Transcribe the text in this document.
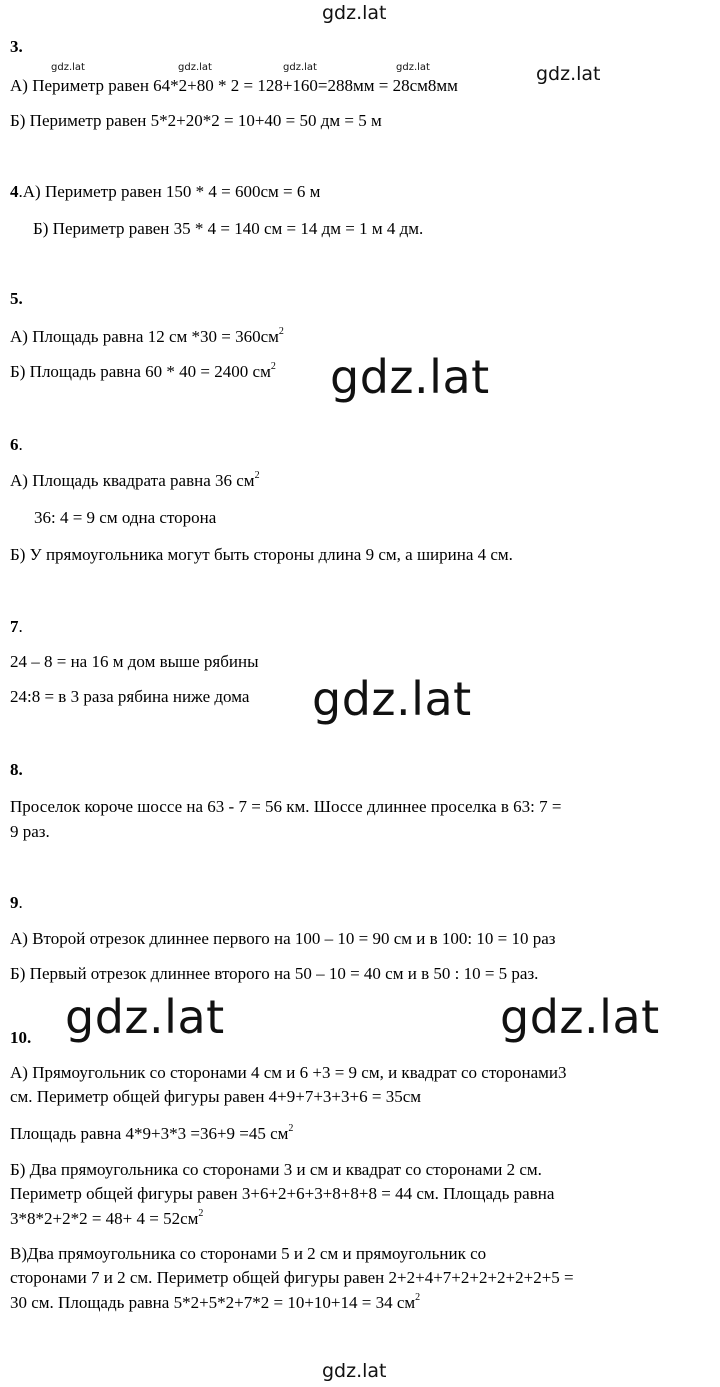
gdz.lat
gdz.lat	gdz.lat	gdz.lat	gdz.lat	gdz.lat
gdz.lat
gdz.lat
gdz.lat	gdz.lat
gdz.lat
3.
А) Периметр равен 64*2+80 * 2 = 128+160=288мм = 28см8мм
Б) Периметр равен 5*2+20*2 = 10+40 = 50 дм = 5 м
4.А) Периметр равен 150 * 4 = 600см = 6 м
Б) Периметр равен 35 * 4 = 140 см = 14 дм = 1 м 4 дм.
5.
А) Площадь равна 12 см $*30 = 360см^2$
Б) Площадь равна 60 * 40 = 2400 $см^2$
6.
А) Площадь квадрата равна 36 $см^2$
36: 4 = 9 см одна сторона
Б) У прямоугольника могут быть стороны длина 9 см, а ширина 4 см.
7.
24 – 8 = на 16 м дом выше рябины
24:8 = в 3 раза рябина ниже дома
8.
Проселок короче шоссе на 63 - 7 = 56 км. Шоссе длиннее проселка в 63: 7 =
9 раз.
9.
А) Второй отрезок длиннее первого на 100 – 10 = 90 см и в 100: 10 = 10 раз
Б) Первый отрезок длиннее второго на 50 – 10 = 40 см и в 50 : 10 = 5 раз.
10.
А) Прямоугольник со сторонами 4 см и 6 +3 = 9 см, и квадрат со сторонами3
см. Периметр общей фигуры равен 4+9+7+3+3+6 = 35см
Площадь равна 4*9+3*3 =36+9 =45 $см^2$
Б) Два прямоугольника со сторонами 3 и см и квадрат со сторонами 2 см.
Периметр общей фигуры равен 3+6+2+6+3+8+8+8 = 44 см. Площадь равна
$3*8*2+2*2 = 48+ 4 = 52см^2$
В)Два прямоугольника со сторонами 5 и 2 см и прямоугольник со
сторонами 7 и 2 см. Периметр общей фигуры равен 2+2+4+7+2+2+2+2+2+5 =
30 см. Площадь равна 5*2+5*2+7*2 = 10+10+14 = 34 $см^2$
